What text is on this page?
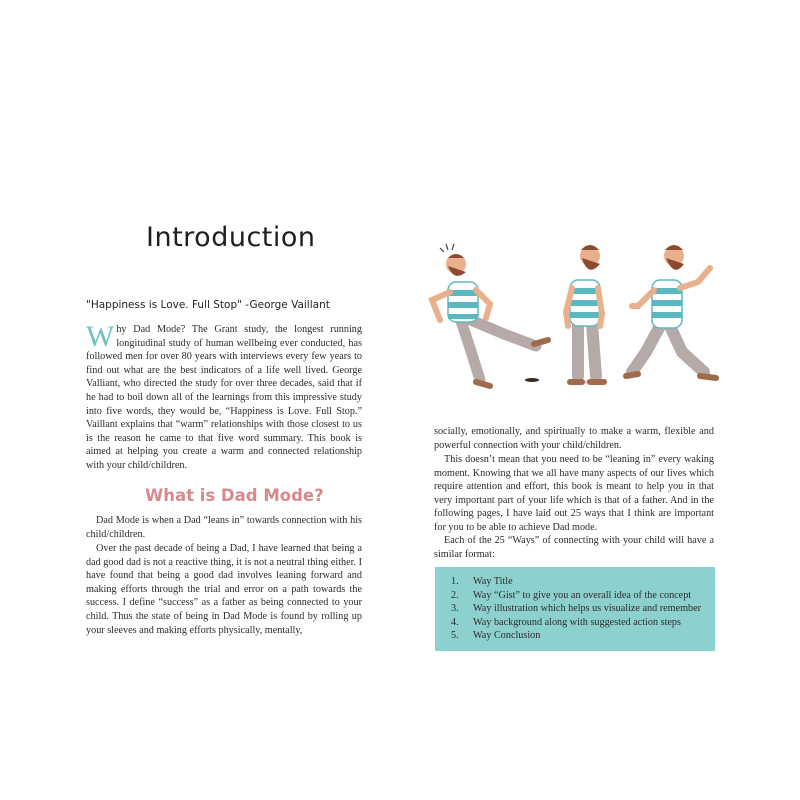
Introduction
"Happiness is Love. Full Stop" -George Vaillant

Why Dad Mode? The Grant study, the longest running longitudinal study of human wellbeing ever conducted, has followed men for over 80 years with interviews every few years to find out what are the best indicators of a life well lived. George Valliant, who directed the study for over three decades, said that if he had to boil down all of the learnings from this impressive study into five words, they would be, “Happiness is Love. Full Stop.” Vaillant explains that “warm” relationships with those closest to us is the reason he came to that five word summary. This book is aimed at helping you create a warm and connected relationship with your child/children.

What is Dad Mode?

Dad Mode is when a Dad “leans in” towards connection with his child/children.

Over the past decade of being a Dad, I have learned that being a dad good dad is not a reactive thing, it is not a neutral thing either. I have found that being a good dad involves leaning forward and making efforts through the trial and error on a path towards the success. I define “success” as a father as being connected to your child. Thus the state of being in Dad Mode is found by rolling up your sleeves and making efforts physically, mentally,

socially, emotionally, and spiritually to make a warm, flexible and powerful connection with your child/children.

This doesn’t mean that you need to be “leaning in” every waking moment. Knowing that we all have many aspects of our lives which require attention and effort, this book is meant to help you in that very important part of your life which is that of a father. And in the following pages, I have laid out 25 ways that I think are important for you to be able to achieve Dad mode.

Each of the 25 “Ways” of connecting with your child will have a similar format:

1. Way Title
2. Way “Gist” to give you an overall idea of the concept
3. Way illustration which helps us visualize and remember
4. Way background along with suggested action steps
5. Way Conclusion
